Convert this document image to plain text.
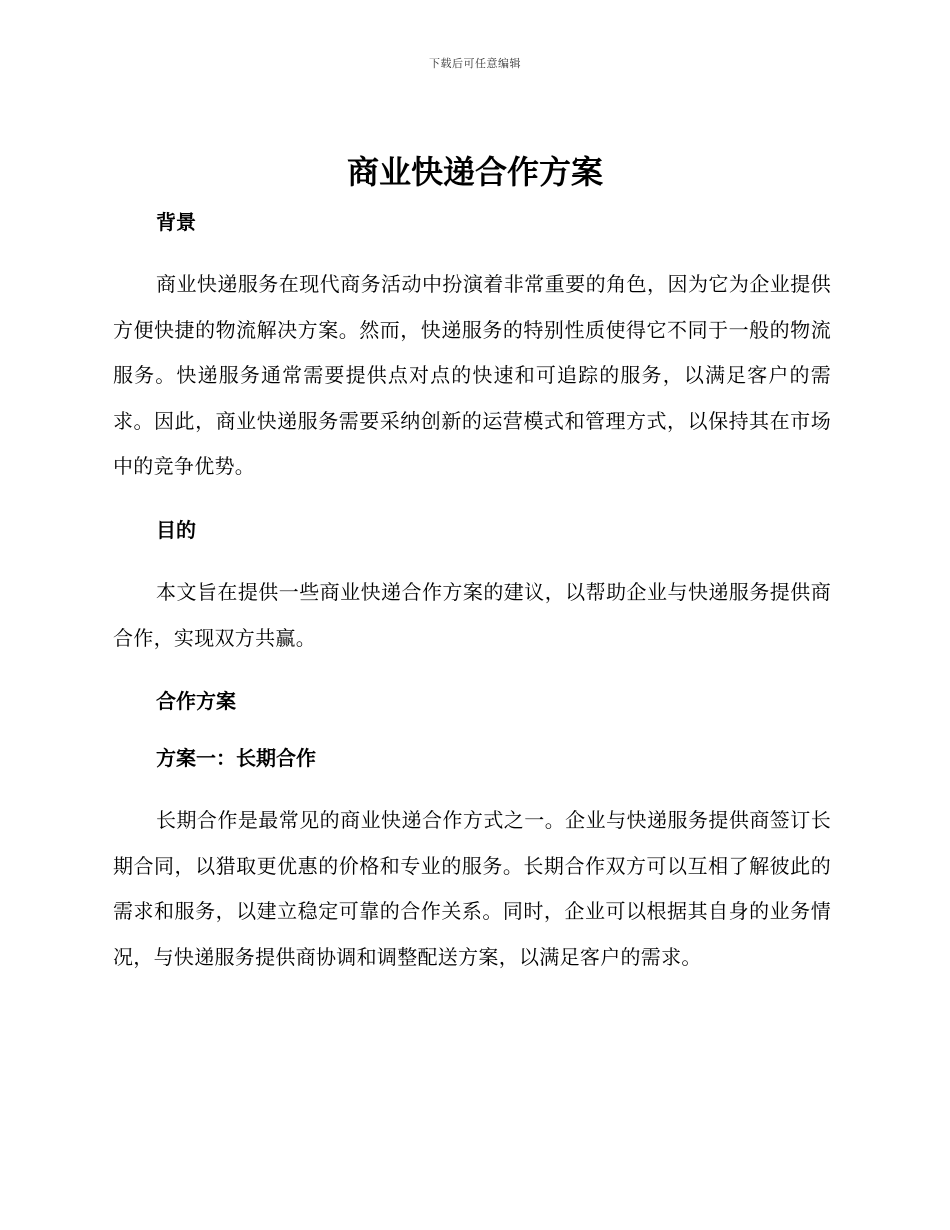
下载后可任意编辑
商业快递合作方案
背景

商业快递服务在现代商务活动中扮演着非常重要的角色，因为它为企业提供方便快捷的物流解决方案。然而，快递服务的特别性质使得它不同于一般的物流服务。快递服务通常需要提供点对点的快速和可追踪的服务，以满足客户的需求。因此，商业快递服务需要采纳创新的运营模式和管理方式，以保持其在市场中的竞争优势。

目的

本文旨在提供一些商业快递合作方案的建议，以帮助企业与快递服务提供商合作，实现双方共赢。

合作方案
方案一：长期合作

长期合作是最常见的商业快递合作方式之一。企业与快递服务提供商签订长期合同，以猎取更优惠的价格和专业的服务。长期合作双方可以互相了解彼此的需求和服务，以建立稳定可靠的合作关系。同时，企业可以根据其自身的业务情况，与快递服务提供商协调和调整配送方案，以满足客户的需求。
